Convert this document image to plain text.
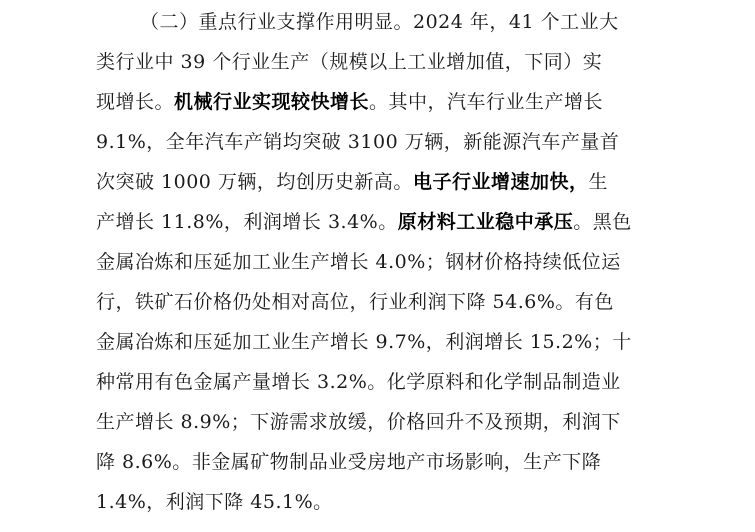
（二）重点行业支撑作用明显。2024 年，41 个工业大
类行业中 39 个行业生产（规模以上工业增加值，下同）实
现增长。机械行业实现较快增长。其中，汽车行业生产增长
9.1%，全年汽车产销均突破 3100 万辆，新能源汽车产量首
次突破 1000 万辆，均创历史新高。电子行业增速加快，生
产增长 11.8%，利润增长 3.4%。原材料工业稳中承压。黑色
金属冶炼和压延加工业生产增长 4.0%；钢材价格持续低位运
行，铁矿石价格仍处相对高位，行业利润下降 54.6%。有色
金属冶炼和压延加工业生产增长 9.7%，利润增长 15.2%；十
种常用有色金属产量增长 3.2%。化学原料和化学制品制造业
生产增长 8.9%；下游需求放缓，价格回升不及预期，利润下
降 8.6%。非金属矿物制品业受房地产市场影响，生产下降
1.4%，利润下降 45.1%。
